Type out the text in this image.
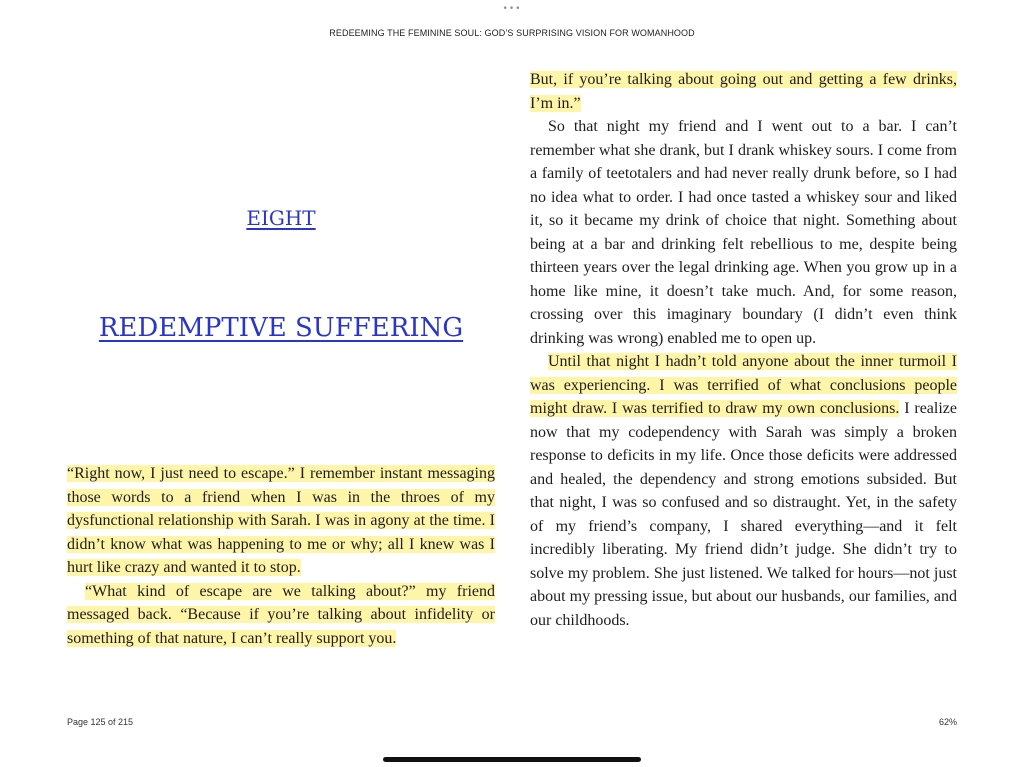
•••
REDEEMING THE FEMININE SOUL: GOD’S SURPRISING VISION FOR WOMANHOOD
EIGHT
REDEMPTIVE SUFFERING

“Right now, I just need to escape.” I remember instant messaging those words to a friend when I was in the throes of my dysfunctional relationship with Sarah. I was in agony at the time. I didn’t know what was happening to me or why; all I knew was I hurt like crazy and wanted it to stop.

“What kind of escape are we talking about?” my friend messaged back. “Because if you’re talking about infidelity or something of that nature, I can’t really support you.

But, if you’re talking about going out and getting a few drinks, I’m in.”

So that night my friend and I went out to a bar. I can’t remember what she drank, but I drank whiskey sours. I come from a family of teetotalers and had never really drunk before, so I had no idea what to order. I had once tasted a whiskey sour and liked it, so it became my drink of choice that night. Something about being at a bar and drinking felt rebellious to me, despite being thirteen years over the legal drinking age. When you grow up in a home like mine, it doesn’t take much. And, for some reason, crossing over this imaginary boundary (I didn’t even think drinking was wrong) enabled me to open up.

Until that night I hadn’t told anyone about the inner turmoil I was experiencing. I was terrified of what conclusions people might draw. I was terrified to draw my own conclusions. I realize now that my codependency with Sarah was simply a broken response to deficits in my life. Once those deficits were addressed and healed, the dependency and strong emotions subsided. But that night, I was so confused and so distraught. Yet, in the safety of my friend’s company, I shared everything—and it felt incredibly liberating. My friend didn’t judge. She didn’t try to solve my problem. She just listened. We talked for hours—not just about my pressing issue, but about our husbands, our families, and our childhoods.

Page 125 of 215	62%
